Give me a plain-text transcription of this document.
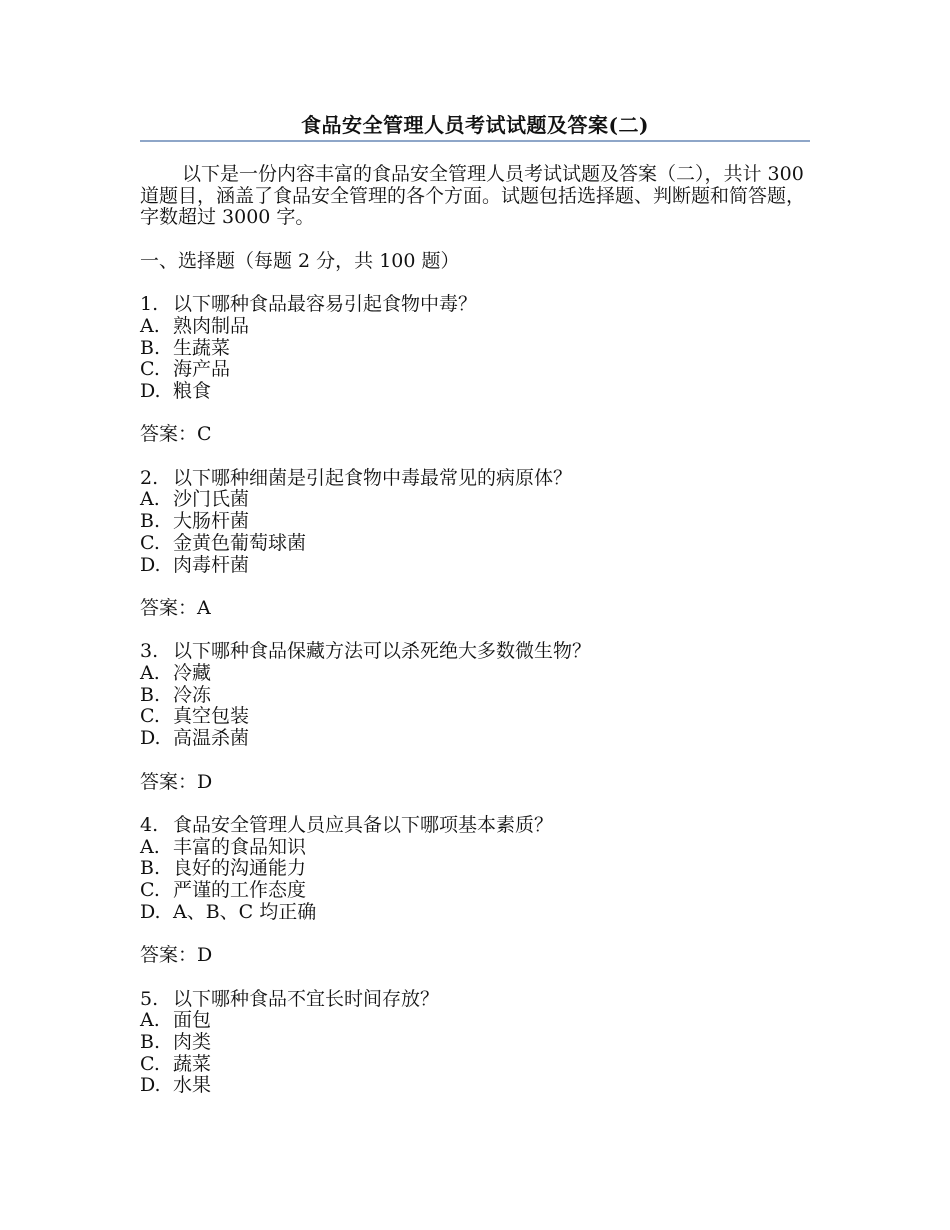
食品安全管理人员考试试题及答案(二)

以下是一份内容丰富的食品安全管理人员考试试题及答案（二），共计 300 道题目，涵盖了食品安全管理的各个方面。试题包括选择题、判断题和简答题，字数超过 3000 字。

一、选择题（每题 2 分，共 100 题）

1. 以下哪种食品最容易引起食物中毒？
A. 熟肉制品
B. 生蔬菜
C. 海产品
D. 粮食
答案：C
2. 以下哪种细菌是引起食物中毒最常见的病原体？
A. 沙门氏菌
B. 大肠杆菌
C. 金黄色葡萄球菌
D. 肉毒杆菌
答案：A
3. 以下哪种食品保藏方法可以杀死绝大多数微生物？
A. 冷藏
B. 冷冻
C. 真空包装
D. 高温杀菌
答案：D
4. 食品安全管理人员应具备以下哪项基本素质？
A. 丰富的食品知识
B. 良好的沟通能力
C. 严谨的工作态度
D. A、B、C 均正确
答案：D
5. 以下哪种食品不宜长时间存放？
A. 面包
B. 肉类
C. 蔬菜
D. 水果
